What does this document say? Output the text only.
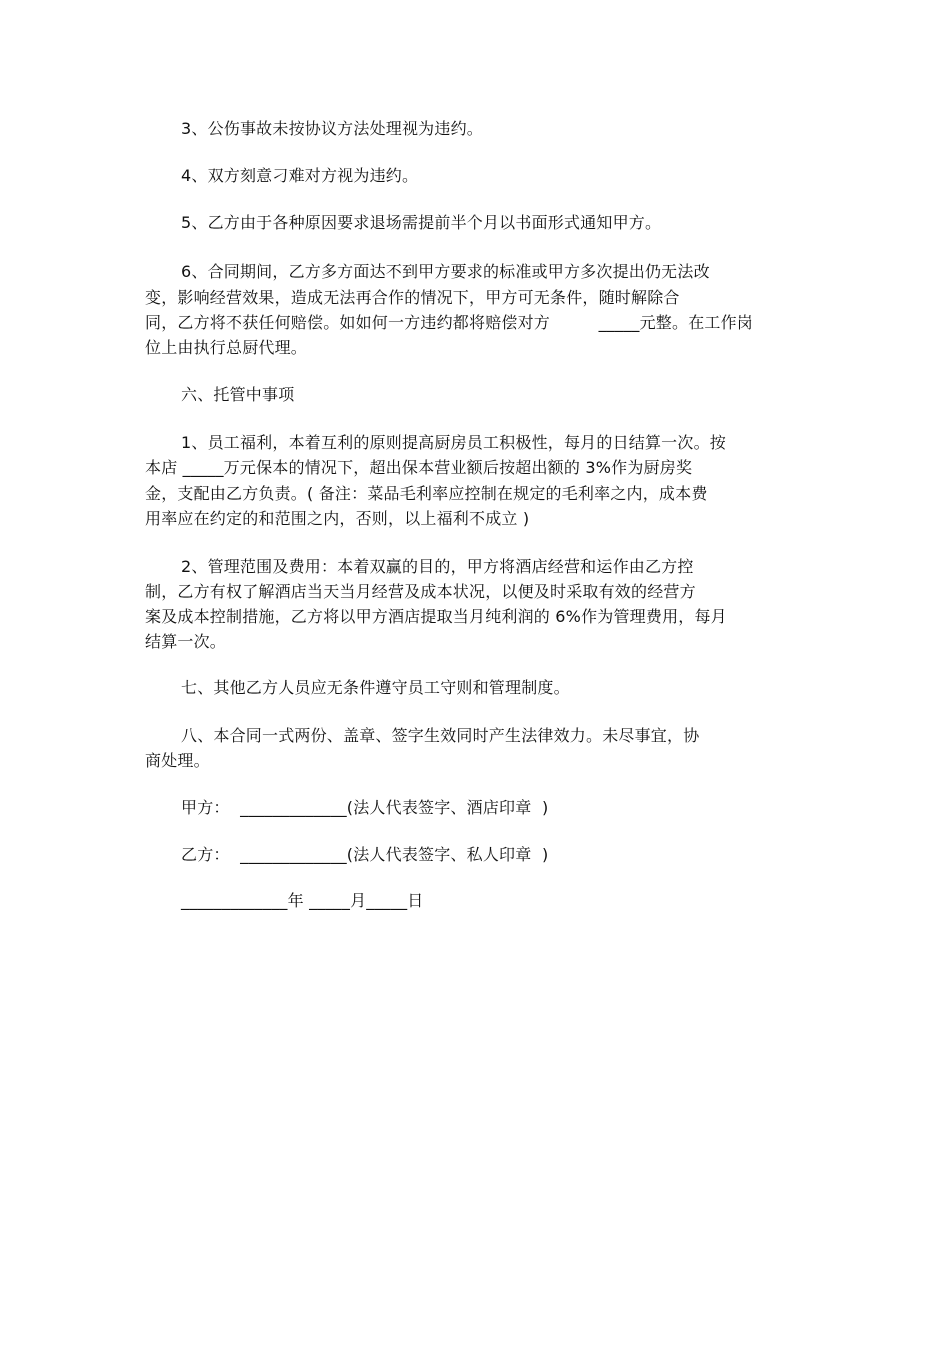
3、公伤事故未按协议方法处理视为违约。
4、双方刻意刁难对方视为违约。
5、乙方由于各种原因要求退场需提前半个月以书面形式通知甲方。
6、合同期间，乙方多方面达不到甲方要求的标准或甲方多次提出仍无法改
变，影响经营效果，造成无法再合作的情况下，甲方可无条件，随时解除合
同，乙方将不获任何赔偿。如如何一方违约都将赔偿对方　　　_____元整。在工作岗
位上由执行总厨代理。
六、托管中事项
1、员工福利，本着互利的原则提高厨房员工积极性，每月的日结算一次。按
本店 _____万元保本的情况下，超出保本营业额后按超出额的 3%作为厨房奖
金，支配由乙方负责。( 备注：菜品毛利率应控制在规定的毛利率之内，成本费
用率应在约定的和范围之内，否则，以上福利不成立 )
2、管理范围及费用：本着双赢的目的，甲方将酒店经营和运作由乙方控
制，乙方有权了解酒店当天当月经营及成本状况，以便及时采取有效的经营方
案及成本控制措施，乙方将以甲方酒店提取当月纯利润的 6%作为管理费用，每月
结算一次。
七、其他乙方人员应无条件遵守员工守则和管理制度。
八、本合同一式两份、盖章、签字生效同时产生法律效力。未尽事宜，协
商处理。
甲方：  _____________(法人代表签字、酒店印章  )
乙方：  _____________(法人代表签字、私人印章  )
_____________年 _____月_____日
